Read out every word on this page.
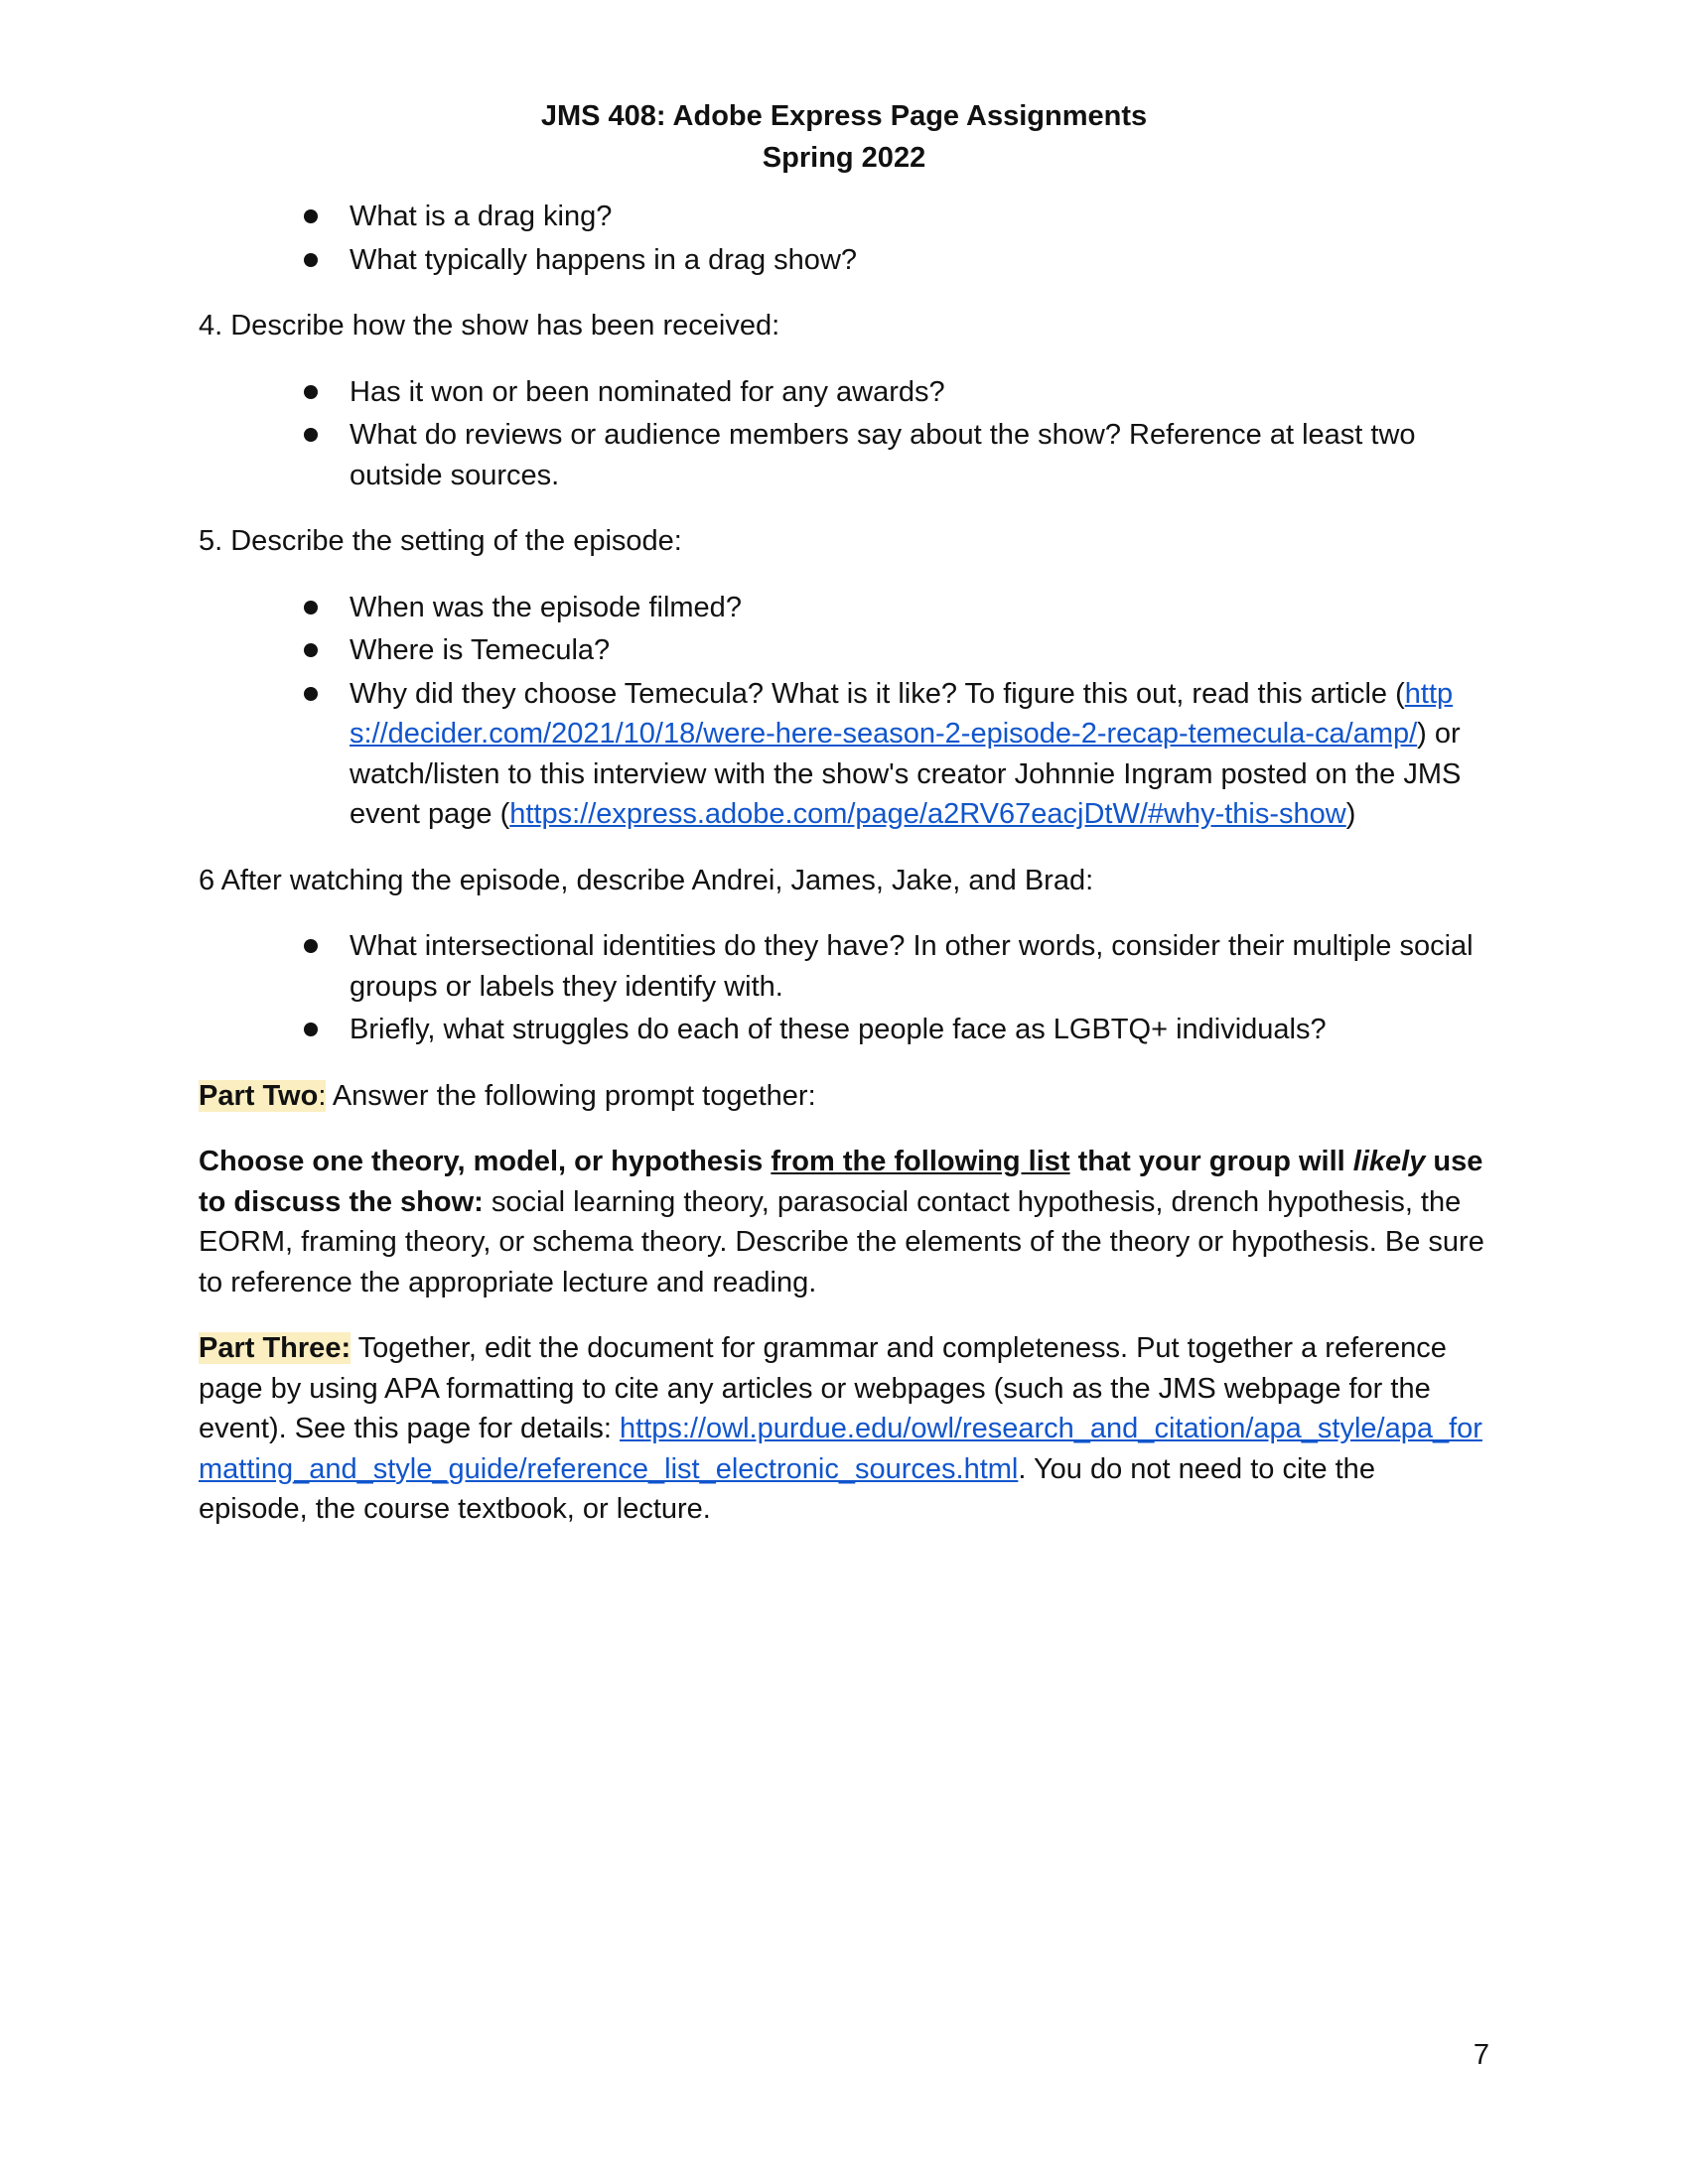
JMS 408: Adobe Express Page Assignments
Spring 2022
What is a drag king?
What typically happens in a drag show?

4. Describe how the show has been received:

Has it won or been nominated for any awards?
What do reviews or audience members say about the show? Reference at least two outside sources.

5. Describe the setting of the episode:

When was the episode filmed?
Where is Temecula?
Why did they choose Temecula? What is it like? To figure this out, read this article (https://decider.com/2021/10/18/were-here-season-2-episode-2-recap-temecula-ca/amp/) or watch/listen to this interview with the show's creator Johnnie Ingram posted on the JMS event page (https://express.adobe.com/page/a2RV67eacjDtW/#why-this-show)

6 After watching the episode, describe Andrei, James, Jake, and Brad:

What intersectional identities do they have? In other words, consider their multiple social groups or labels they identify with.
Briefly, what struggles do each of these people face as LGBTQ+ individuals?

Part Two: Answer the following prompt together:

Choose one theory, model, or hypothesis from the following list that your group will likely use to discuss the show: social learning theory, parasocial contact hypothesis, drench hypothesis, the EORM, framing theory, or schema theory. Describe the elements of the theory or hypothesis. Be sure to reference the appropriate lecture and reading.

Part Three: Together, edit the document for grammar and completeness. Put together a reference page by using APA formatting to cite any articles or webpages (such as the JMS webpage for the event). See this page for details: https://owl.purdue.edu/owl/research_and_citation/apa_style/apa_formatting_and_style_guide/reference_list_electronic_sources.html. You do not need to cite the episode, the course textbook, or lecture.

7
